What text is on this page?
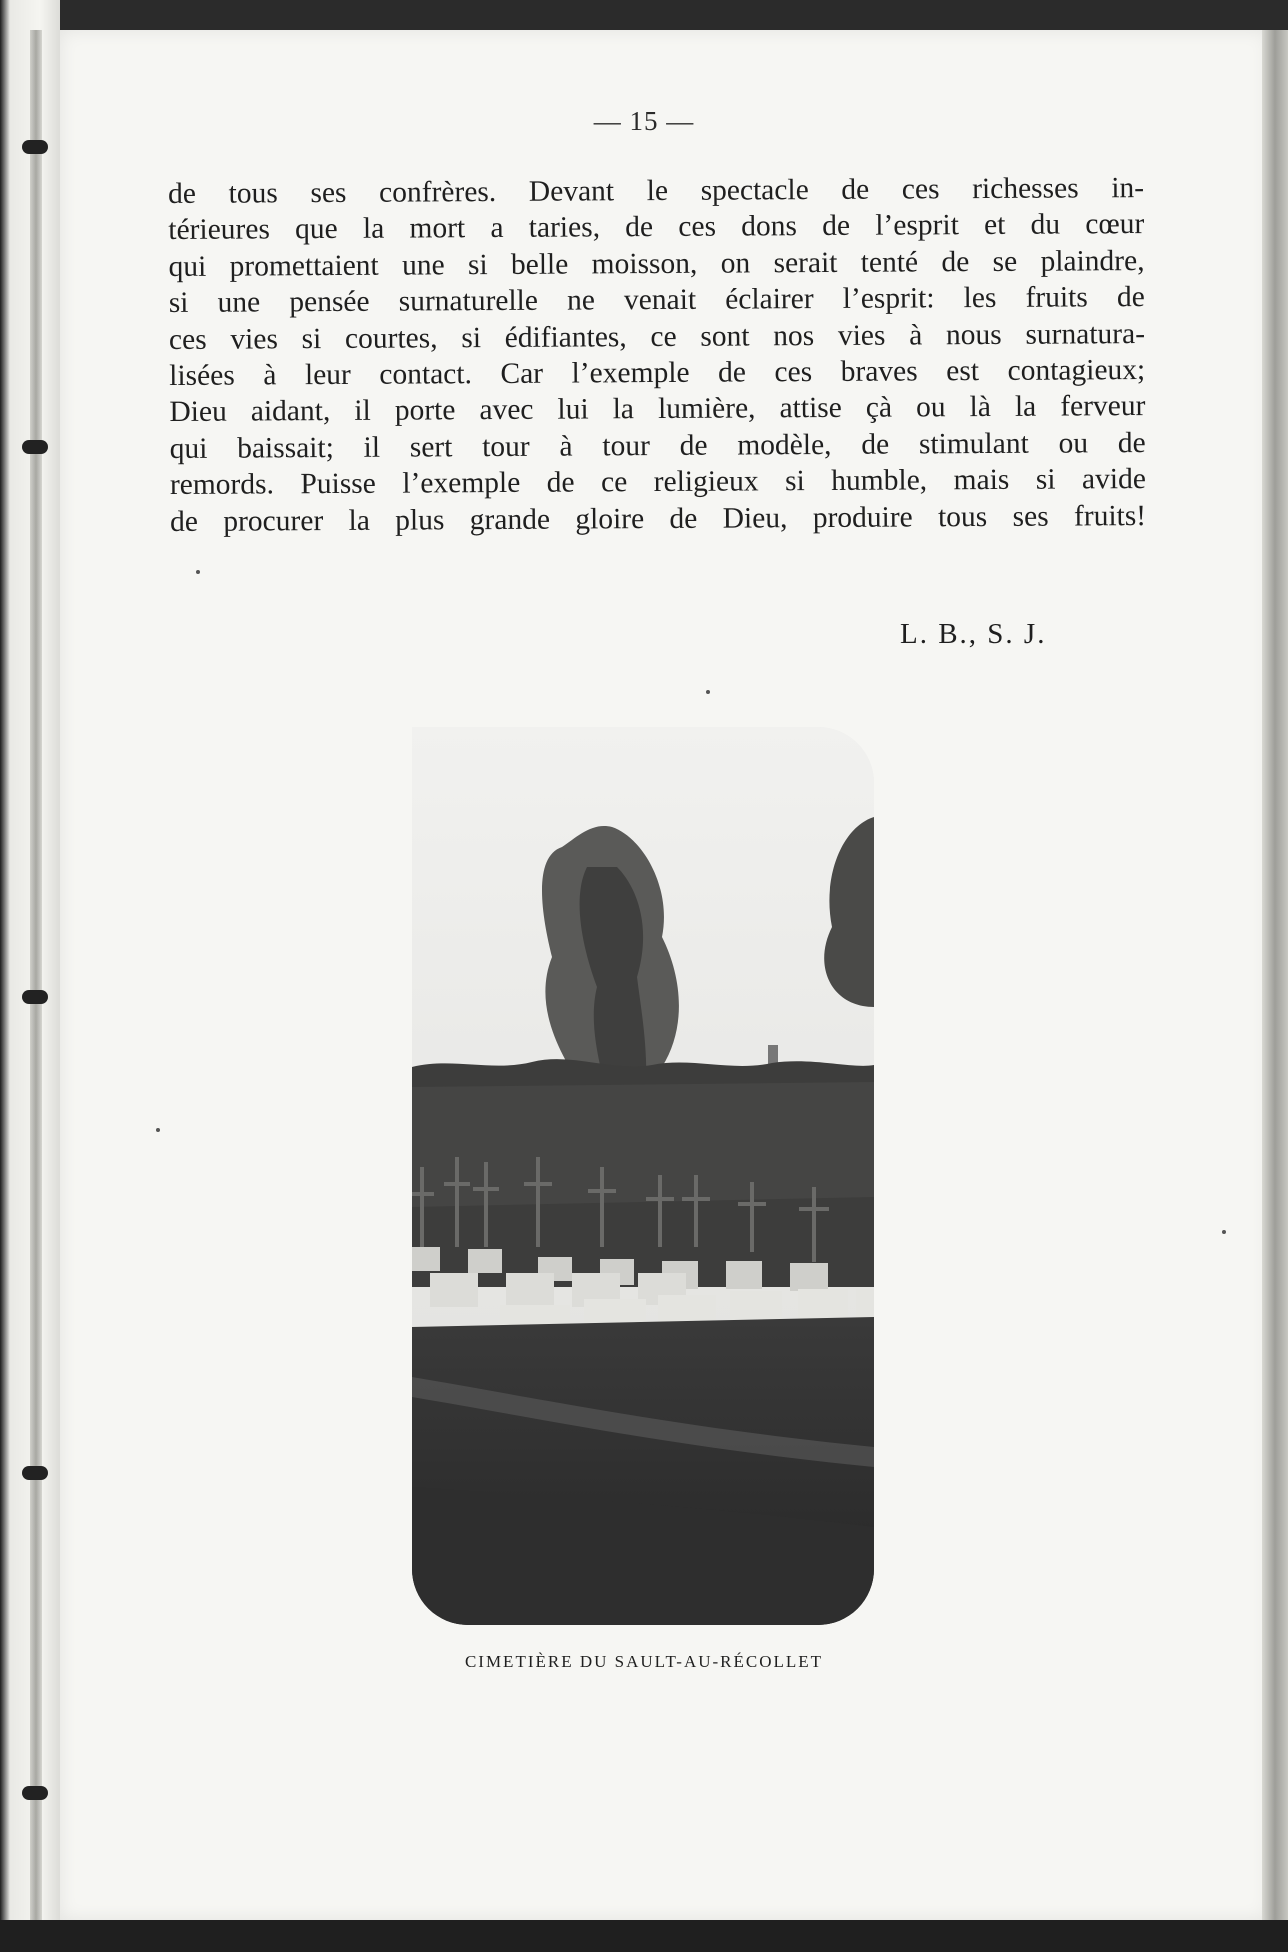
— 15 —
de tous ses confrères. Devant le spectacle de ces richesses in-
térieures que la mort a taries, de ces dons de l’esprit et du cœur
qui promettaient une si belle moisson, on serait tenté de se plaindre,
si une pensée surnaturelle ne venait éclairer l’esprit: les fruits de
ces vies si courtes, si édifiantes, ce sont nos vies à nous surnatura-
lisées à leur contact. Car l’exemple de ces braves est contagieux;
Dieu aidant, il porte avec lui la lumière, attise çà ou là la ferveur
qui baissait; il sert tour à tour de modèle, de stimulant ou de
remords. Puisse l’exemple de ce religieux si humble, mais si avide
de procurer la plus grande gloire de Dieu, produire tous ses fruits!
L. B., S. J.
CIMETIÈRE DU SAULT-AU-RÉCOLLET
